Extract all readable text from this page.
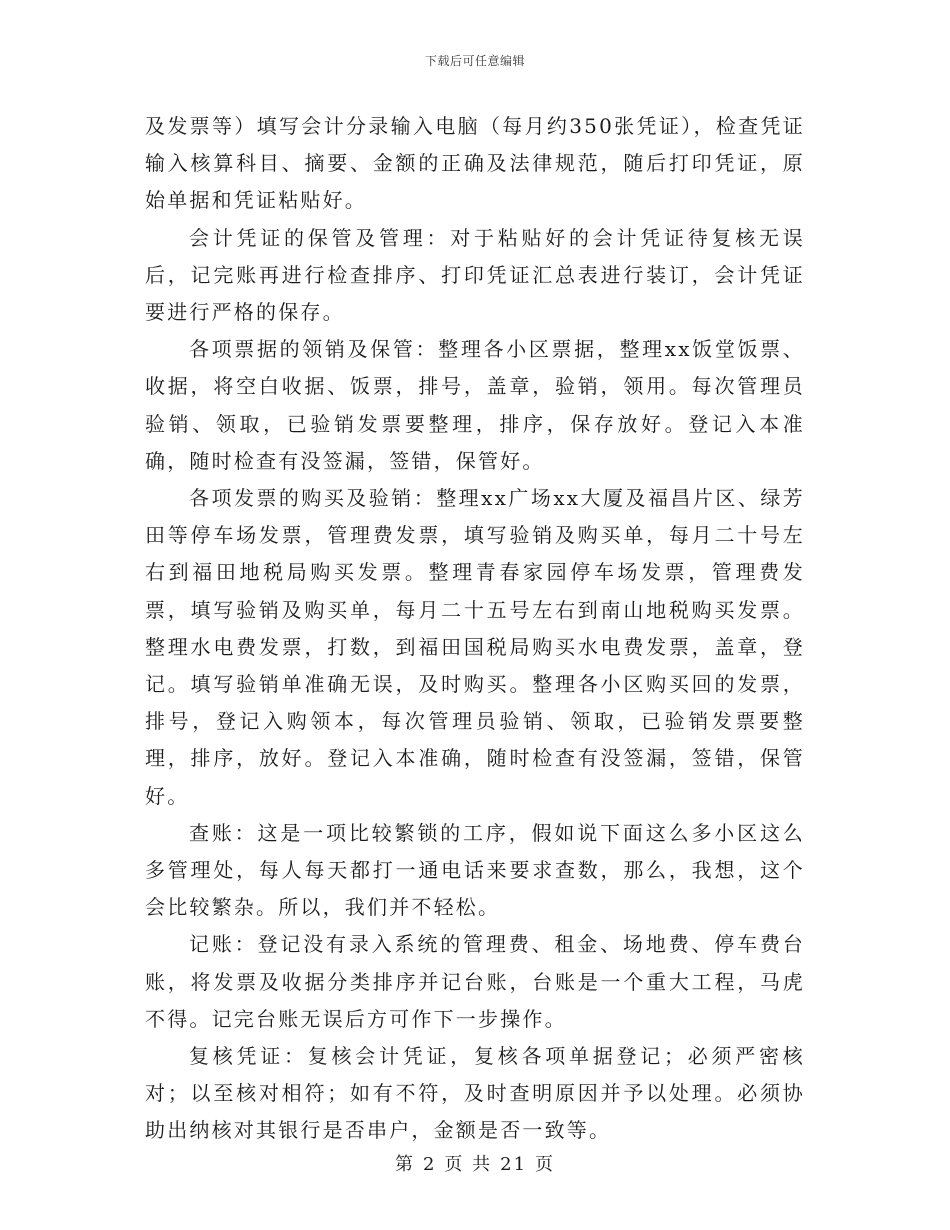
下载后可任意编辑

及发票等）填写会计分录输入电脑（每月约350张凭证），检查凭证输入核算科目、摘要、金额的正确及法律规范，随后打印凭证，原始单据和凭证粘贴好。

会计凭证的保管及管理：对于粘贴好的会计凭证待复核无误后，记完账再进行检查排序、打印凭证汇总表进行装订，会计凭证要进行严格的保存。

各项票据的领销及保管：整理各小区票据，整理xx饭堂饭票、收据，将空白收据、饭票，排号，盖章，验销，领用。每次管理员验销、领取，已验销发票要整理，排序，保存放好。登记入本准确，随时检查有没签漏，签错，保管好。

各项发票的购买及验销：整理xx广场xx大厦及福昌片区、绿芳田等停车场发票，管理费发票，填写验销及购买单，每月二十号左右到福田地税局购买发票。整理青春家园停车场发票，管理费发票，填写验销及购买单，每月二十五号左右到南山地税购买发票。整理水电费发票，打数，到福田国税局购买水电费发票，盖章，登记。填写验销单准确无误，及时购买。整理各小区购买回的发票，排号，登记入购领本，每次管理员验销、领取，已验销发票要整理，排序，放好。登记入本准确，随时检查有没签漏，签错，保管好。

查账：这是一项比较繁锁的工序，假如说下面这么多小区这么多管理处，每人每天都打一通电话来要求查数，那么，我想，这个会比较繁杂。所以，我们并不轻松。

记账：登记没有录入系统的管理费、租金、场地费、停车费台账，将发票及收据分类排序并记台账，台账是一个重大工程，马虎不得。记完台账无误后方可作下一步操作。

复核凭证：复核会计凭证，复核各项单据登记；必须严密核对；以至核对相符；如有不符，及时查明原因并予以处理。必须协助出纳核对其银行是否串户，金额是否一致等。

第 2 页 共 21 页
